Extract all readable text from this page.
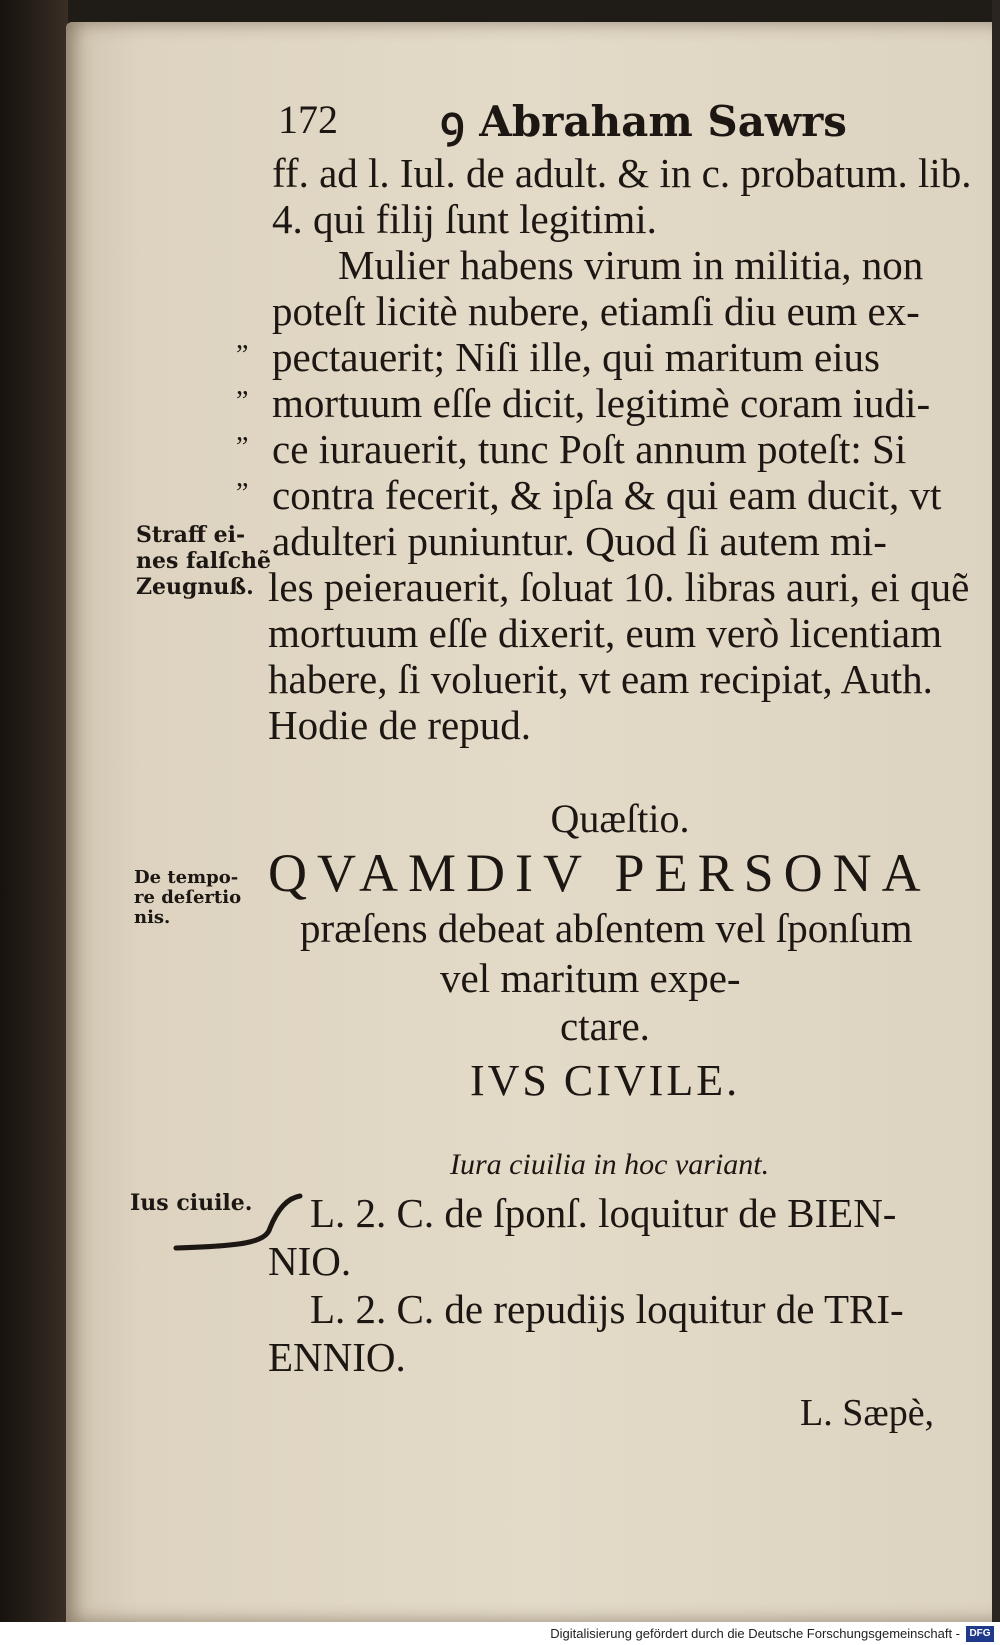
172 ꝯ Abraham Sawrs
ff. ad l. Iul. de adult. & in c. probatum. lib.
4. qui filij ſunt legitimi.
Mulier habens virum in militia, non
poteſt licitè nubere, etiamſi diu eum ex-
pectauerit; Niſi ille, qui maritum eius
mortuum eſſe dicit, legitimè coram iudi-
ce iurauerit, tunc Poſt annum poteſt: Si
contra fecerit, & ipſa & qui eam ducit, vt
adulteri puniuntur. Quod ſi autem mi-
les peierauerit, ſoluat 10. libras auri, ei quẽ
mortuum eſſe dixerit, eum verò licentiam
habere, ſi voluerit, vt eam recipiat, Auth.
Hodie de repud.
”
”
”
”
Straff ei-
nes falſchẽ
Zeugnuß.
De tempo-
re deſertio
nis.
Ius ciuile.
Quæſtio.
QVAMDIV PERSONA
præſens debeat abſentem vel ſponſum
vel maritum expe-
ctare.
IVS CIVILE.
Iura ciuilia in hoc variant.
L. 2. C. de ſponſ. loquitur de BIEN-
NIO.
L. 2. C. de repudijs loquitur de TRI-
ENNIO.
L. Sæpè,
Digitalisierung gefördert durch die Deutsche Forschungsgemeinschaft - DFG
